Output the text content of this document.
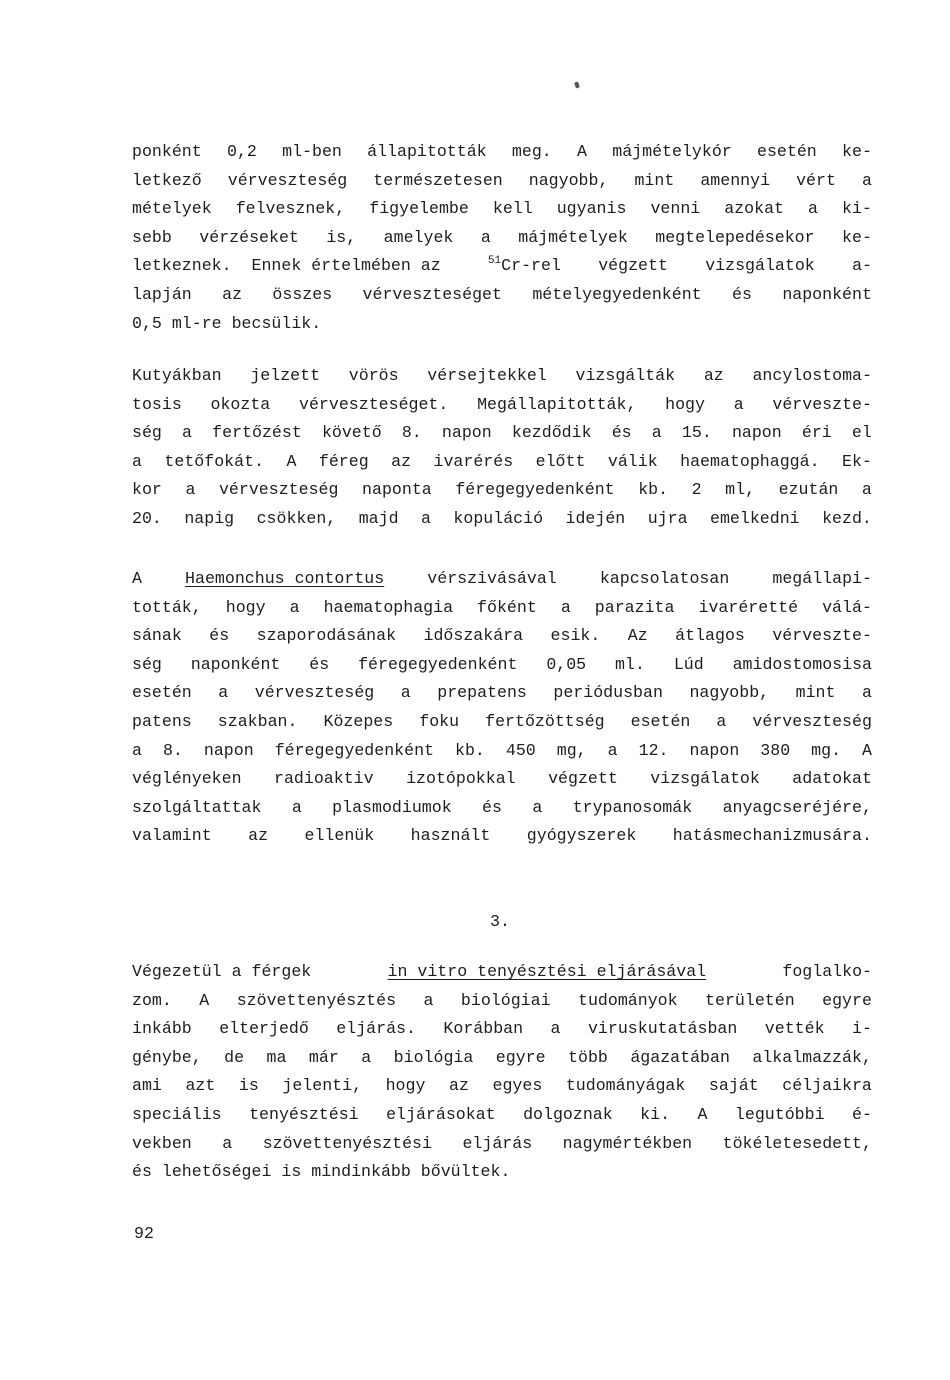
ponként 0,2 ml-ben állapitották meg. A májmételykór esetén ke-
letkező vérveszteség természetesen nagyobb, mint amennyi vért a
mételyek felvesznek, figyelembe kell ugyanis venni azokat a ki-
sebb vérzéseket is, amelyek a májmételyek megtelepedésekor ke-
letkeznek.  Ennek értelmében az	$^{51}$Cr-rel végzett vizsgálatok a-
lapján az összes vérveszteséget mételyegyedenként és naponként
0,5 ml-re becsülik.
Kutyákban jelzett vörös vérsejtekkel vizsgálták az ancylostoma-
tosis okozta vérveszteséget. Megállapitották, hogy a vérveszte-
ség a fertőzést követő 8. napon kezdődik és a 15. napon éri el
a tetőfokát. A féreg az ivarérés előtt válik haematophaggá. Ek-
kor a vérveszteség naponta féregegyedenként kb. 2 ml, ezután a
20. napig csökken, majd a kopuláció idején ujra emelkedni kezd.
A	Haemonchus contortus	vérszivásával	kapcsolatosan	megállapi-
tották, hogy a haematophagia főként a parazita ivaréretté válá-
sának és szaporodásának időszakára esik. Az átlagos vérveszte-
ség naponként és féregegyedenként 0,05 ml. Lúd amidostomosisa
esetén a vérveszteség a prepatens periódusban nagyobb, mint a
patens szakban. Közepes foku fertőzöttség esetén a vérveszteség
a 8. napon féregegyedenként kb. 450 mg, a 12. napon 380 mg. A
véglényeken radioaktiv izotópokkal végzett vizsgálatok adatokat
szolgáltattak a plasmodiumok és a trypanosomák anyagcseréjére,
valamint az ellenük használt gyógyszerek hatásmechanizmusára.
3.
Végezetül a férgek	in vitro tenyésztési eljárásával	foglalko-
zom. A szövettenyésztés a biológiai tudományok területén egyre
inkább elterjedő eljárás. Korábban a viruskutatásban vették i-
génybe, de ma már a biológia egyre több ágazatában alkalmazzák,
ami azt is jelenti, hogy az egyes tudományágak saját céljaikra
speciális tenyésztési eljárásokat dolgoznak ki. A legutóbbi é-
vekben a szövettenyésztési eljárás nagymértékben tökéletesedett,
és lehetőségei is mindinkább bővültek.
92
